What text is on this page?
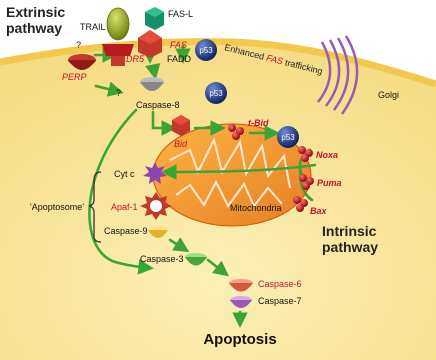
Extrinsic
pathway TRAIL
?
FAS-L
FAS
FADD
DR5
PERP
?
Caspase-8
p53
p53
p53
Enhanced FAS trafficking
Golgi
Bid
t-Bid
Noxa
Puma
Bax
Mitochondria
Cyt c
Apaf-1
'Apoptosome'
Caspase-9
Caspase-3
Caspase-6
Caspase-7
Intrinsic
pathway
Apoptosis
